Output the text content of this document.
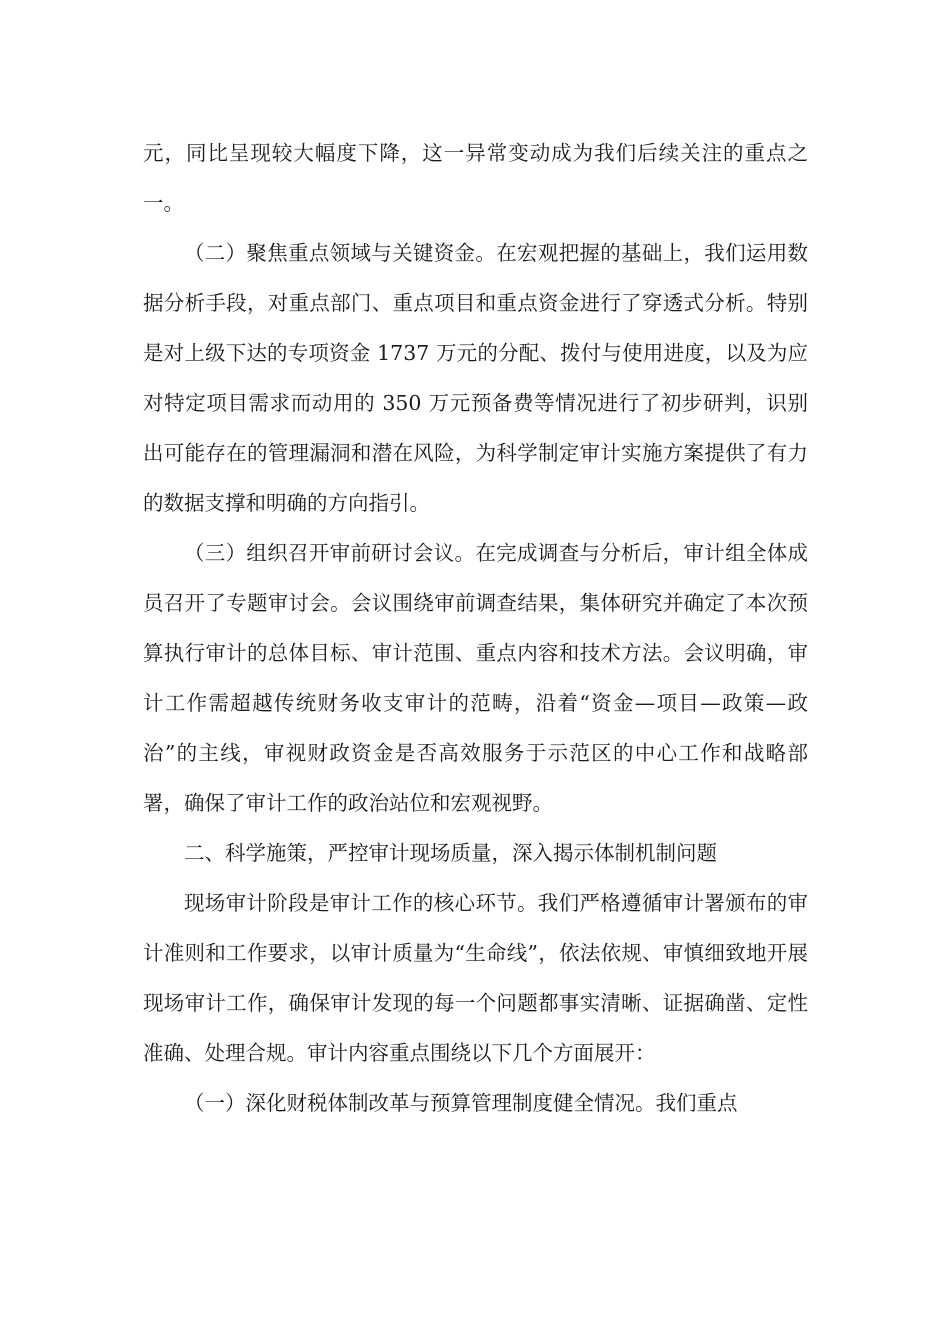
元，同比呈现较大幅度下降，这一异常变动成为我们后续关注的重点之一。

（二）聚焦重点领域与关键资金。在宏观把握的基础上，我们运用数据分析手段，对重点部门、重点项目和重点资金进行了穿透式分析。特别是对上级下达的专项资金 1737 万元的分配、拨付与使用进度，以及为应对特定项目需求而动用的 350 万元预备费等情况进行了初步研判，识别出可能存在的管理漏洞和潜在风险，为科学制定审计实施方案提供了有力的数据支撑和明确的方向指引。

（三）组织召开审前研讨会议。在完成调查与分析后，审计组全体成员召开了专题审讨会。会议围绕审前调查结果，集体研究并确定了本次预算执行审计的总体目标、审计范围、重点内容和技术方法。会议明确，审计工作需超越传统财务收支审计的范畴，沿着“资金—项目—政策—政治”的主线，审视财政资金是否高效服务于示范区的中心工作和战略部署，确保了审计工作的政治站位和宏观视野。

二、科学施策，严控审计现场质量，深入揭示体制机制问题

现场审计阶段是审计工作的核心环节。我们严格遵循审计署颁布的审计准则和工作要求，以审计质量为“生命线”，依法依规、审慎细致地开展现场审计工作，确保审计发现的每一个问题都事实清晰、证据确凿、定性准确、处理合规。审计内容重点围绕以下几个方面展开：

（一）深化财税体制改革与预算管理制度健全情况。我们重点
